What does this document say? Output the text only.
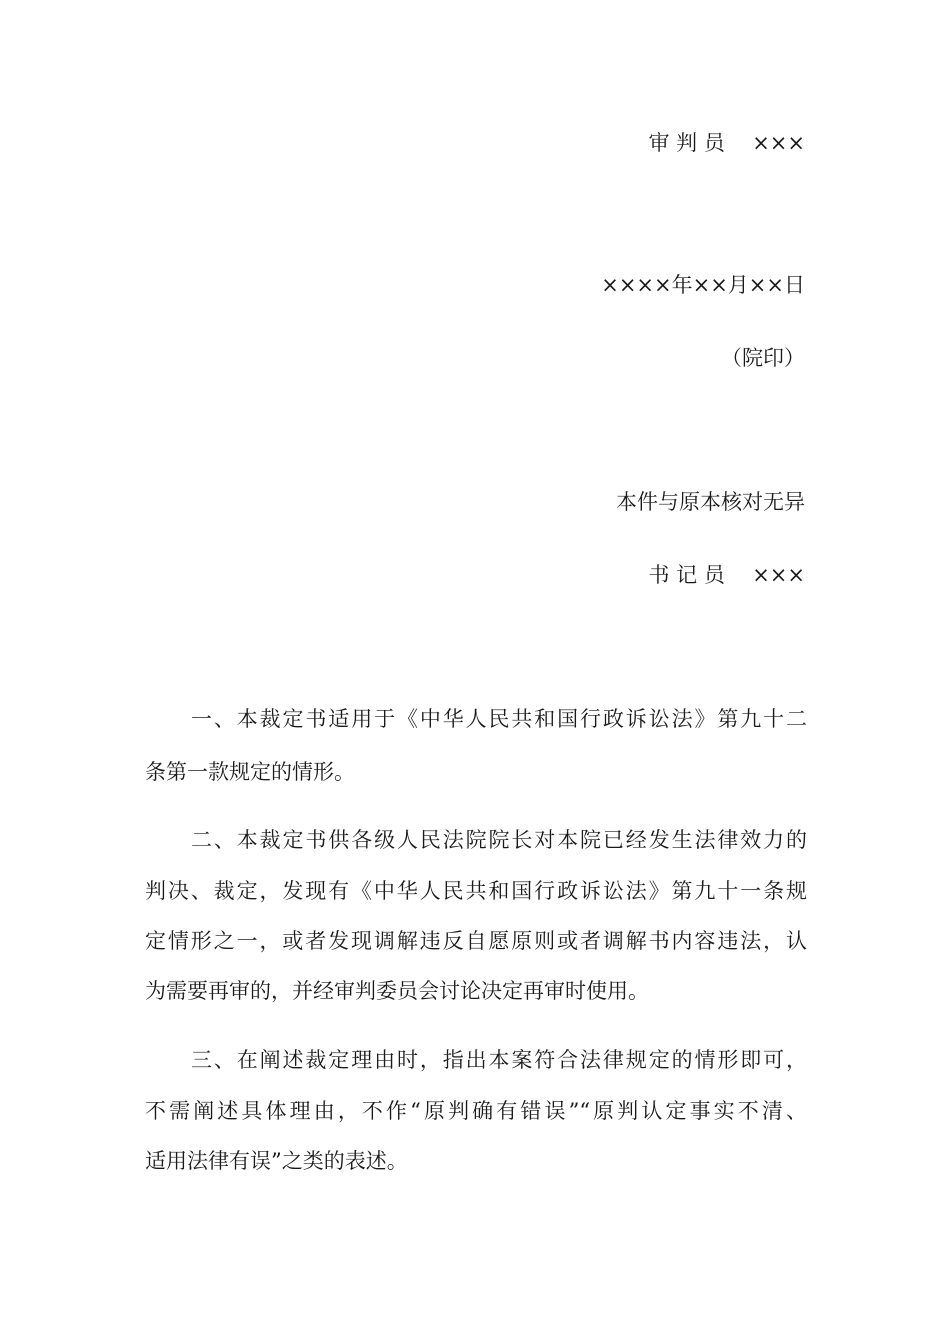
审 判 员 ×××
××××年××月××日
（院印）
本件与原本核对无异
书 记 员 ×××
一、本裁定书适用于《中华人民共和国行政诉讼法》第九十二
条第一款规定的情形。
二、本裁定书供各级人民法院院长对本院已经发生法律效力的
判决、裁定，发现有《中华人民共和国行政诉讼法》第九十一条规
定情形之一，或者发现调解违反自愿原则或者调解书内容违法，认
为需要再审的，并经审判委员会讨论决定再审时使用。
三、在阐述裁定理由时，指出本案符合法律规定的情形即可，
不需阐述具体理由，不作“原判确有错误”“原判认定事实不清、
适用法律有误”之类的表述。
